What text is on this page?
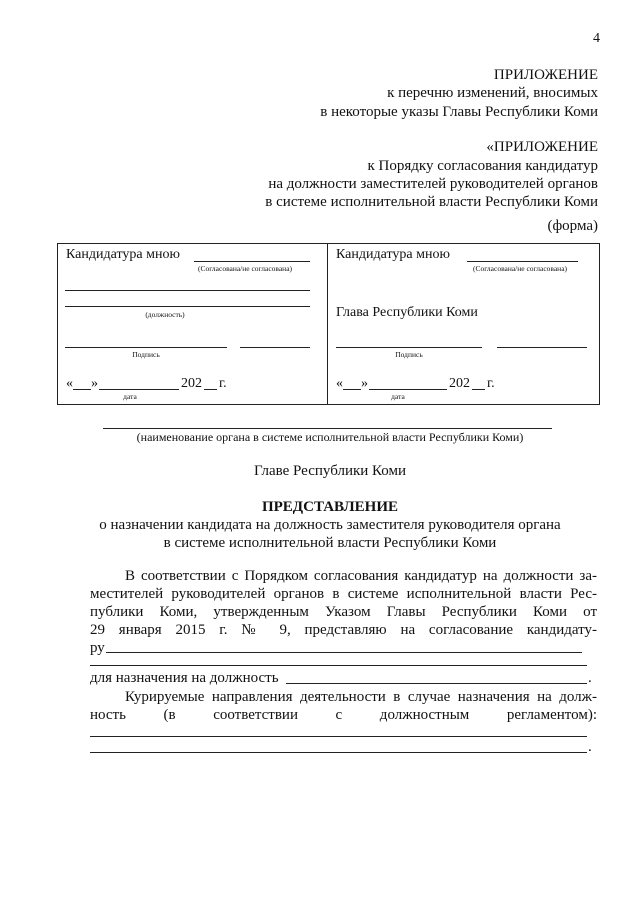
4
ПРИЛОЖЕНИЕ
к перечню изменений, вносимых
в некоторые указы Главы Республики Коми
«ПРИЛОЖЕНИЕ
к Порядку согласования кандидатур
на должности заместителей руководителей органов
в системе исполнительной власти Республики Коми
(форма)
Кандидатура мною
(Согласована/не согласована)
(должность)
Подпись
« »	202 г.
дата
Кандидатура мною
(Согласована/не согласована)
Глава Республики Коми
Подпись
« »	202 г.
дата
(наименование органа в системе исполнительной власти Республики Коми)
Главе Республики Коми
ПРЕДСТАВЛЕНИЕ
о назначении кандидата на должность заместителя руководителя органа
в системе исполнительной власти Республики Коми
В соответствии с Порядком согласования кандидатур на должности за-
местителей руководителей органов в системе исполнительной власти Рес-
публики Коми, утвержденным Указом Главы Республики Коми от
29 января 2015 г. № 9, представляю на согласование кандидату-
ру
для назначения на должность	.
Курируемые направления деятельности в случае назначения на долж-
ность (в соответствии с должностным регламентом):
.
